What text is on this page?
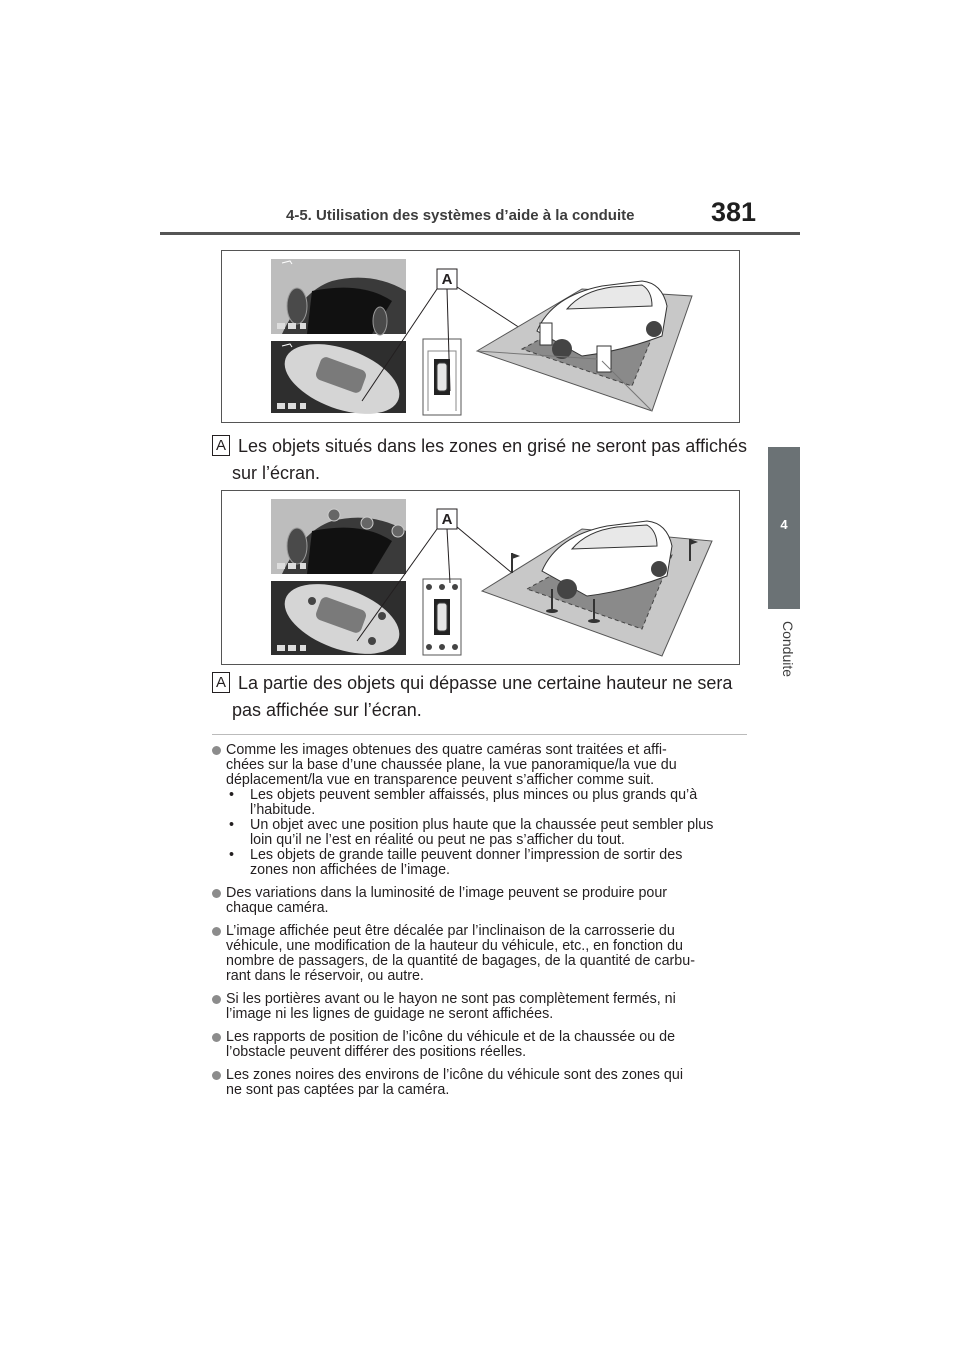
4-5. Utilisation des systèmes d’aide à la conduite	381
4
Conduite
A
A Les objets situés dans les zones en grisé ne seront pas affichés
sur l’écran.
A
A La partie des objets qui dépasse une certaine hauteur ne sera
pas affichée sur l’écran.
Comme les images obtenues des quatre caméras sont traitées et affi-
chées sur la base d’une chaussée plane, la vue panoramique/la vue du
déplacement/la vue en transparence peuvent s’afficher comme suit.
• Les objets peuvent sembler affaissés, plus minces ou plus grands qu’à
l’habitude.
• Un objet avec une position plus haute que la chaussée peut sembler plus
loin qu’il ne l’est en réalité ou peut ne pas s’afficher du tout.
• Les objets de grande taille peuvent donner l’impression de sortir des
zones non affichées de l’image.
Des variations dans la luminosité de l’image peuvent se produire pour
chaque caméra.
L’image affichée peut être décalée par l’inclinaison de la carrosserie du
véhicule, une modification de la hauteur du véhicule, etc., en fonction du
nombre de passagers, de la quantité de bagages, de la quantité de carbu-
rant dans le réservoir, ou autre.
Si les portières avant ou le hayon ne sont pas complètement fermés, ni
l’image ni les lignes de guidage ne seront affichées.
Les rapports de position de l’icône du véhicule et de la chaussée ou de
l’obstacle peuvent différer des positions réelles.
Les zones noires des environs de l’icône du véhicule sont des zones qui
ne sont pas captées par la caméra.
